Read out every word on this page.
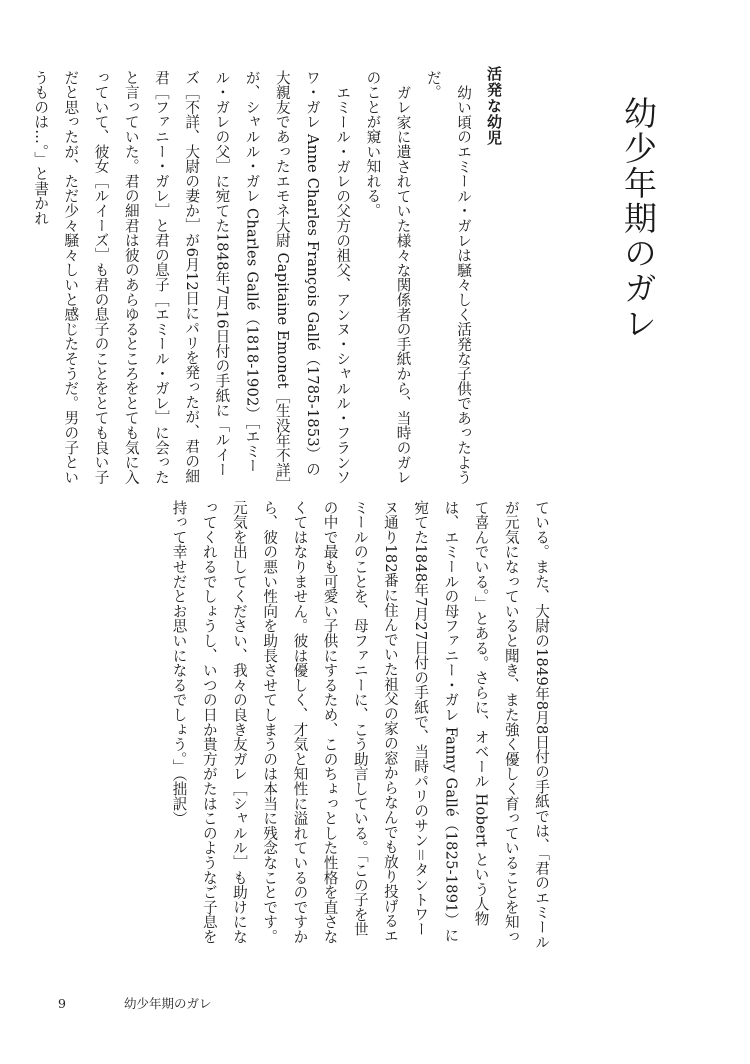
幼少年期のガレ
活発な幼児

幼い頃のエミール・ガレは騒々しく活発な子供であったようだ。

ガレ家に遺されていた様々な関係者の手紙から、当時のガレのことが窺い知れる。

エミール・ガレの父方の祖父、アンヌ・シャルル・フランソワ・ガレ Anne Charles François Gallé（1785-1853）の大親友であったエモネ大尉 Capitaine Emonet［生没年不詳］が、シャルル・ガレ Charles Gallé（1818-1902）［エミール・ガレの父］に宛てた1848年7月16日付の手紙に「ルイーズ［不詳、大尉の妻か］が6月12日にパリを発ったが、君の細君［ファニー・ガレ］と君の息子［エミール・ガレ］に会ったと言っていた。君の細君は彼のあらゆるところをとても気に入っていて、彼女［ルイーズ］も君の息子のことをとても良い子だと思ったが、ただ少々騒々しいと感じたそうだ。男の子というものは…。」と書かれ

ている。また、大尉の1849年8月8日付の手紙では、「君のエミールが元気になっていると聞き、また強く優しく育っていることを知って喜んでいる。」とある。さらに、オベール Hobert という人物は、エミールの母ファニー・ガレ Fanny Gallé（1825-1891）に宛てた1848年7月27日付の手紙で、当時パリのサン＝タントワーヌ通り182番に住んでいた祖父の家の窓からなんでも放り投げるエミールのことを、母ファニーに、こう助言している。「この子を世の中で最も可愛い子供にするため、このちょっとした性格を直さなくてはなりません。彼は優しく、才気と知性に溢れているのですから、彼の悪い性向を助長させてしまうのは本当に残念なことです。元気を出してください、我々の良き友ガレ［シャルル］も助けになってくれるでしょうし、いつの日か貴方がたはこのようなご子息を持って幸せだとお思いになるでしょう。」（拙訳）

9	幼少年期のガレ
